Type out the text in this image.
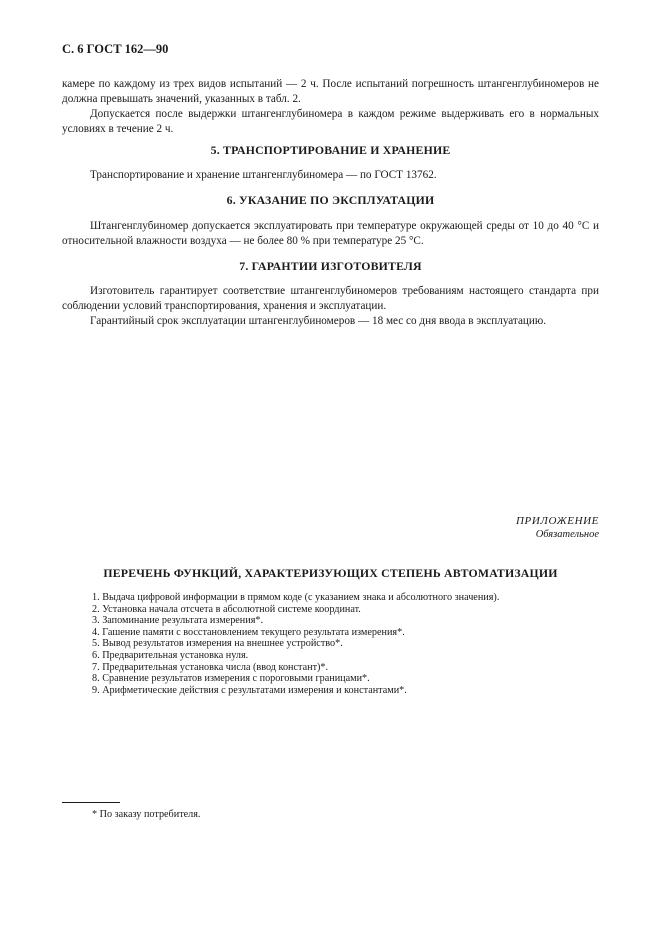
С. 6 ГОСТ 162—90

камере по каждому из трех видов испытаний — 2 ч. После испытаний погрешность штангенглубиномеров не должна превышать значений, указанных в табл. 2.

Допускается после выдержки штангенглубиномера в каждом режиме выдерживать его в нормальных условиях в течение 2 ч.

5. ТРАНСПОРТИРОВАНИЕ И ХРАНЕНИЕ

Транспортирование и хранение штангенглубиномера — по ГОСТ 13762.

6. УКАЗАНИЕ ПО ЭКСПЛУАТАЦИИ

Штангенглубиномер допускается эксплуатировать при температуре окружающей среды от 10 до 40 °С и относительной влажности воздуха — не более 80 % при температуре 25 °С.

7. ГАРАНТИИ ИЗГОТОВИТЕЛЯ

Изготовитель гарантирует соответствие штангенглубиномеров требованиям настоящего стандарта при соблюдении условий транспортирования, хранения и эксплуатации.

Гарантийный срок эксплуатации штангенглубиномеров — 18 мес со дня ввода в эксплуатацию.

ПРИЛОЖЕНИЕ

Обязательное

ПЕРЕЧЕНЬ ФУНКЦИЙ, ХАРАКТЕРИЗУЮЩИХ СТЕПЕНЬ АВТОМАТИЗАЦИИ
1. Выдача цифровой информации в прямом коде (с указанием знака и абсолютного значения).
2. Установка начала отсчета в абсолютной системе координат.
3. Запоминание результата измерения*.
4. Гашение памяти с восстановлением текущего результата измерения*.
5. Вывод результатов измерения на внешнее устройство*.
6. Предварительная установка нуля.
7. Предварительная установка числа (ввод констант)*.
8. Сравнение результатов измерения с пороговыми границами*.
9. Арифметические действия с результатами измерения и константами*.

* По заказу потребителя.
